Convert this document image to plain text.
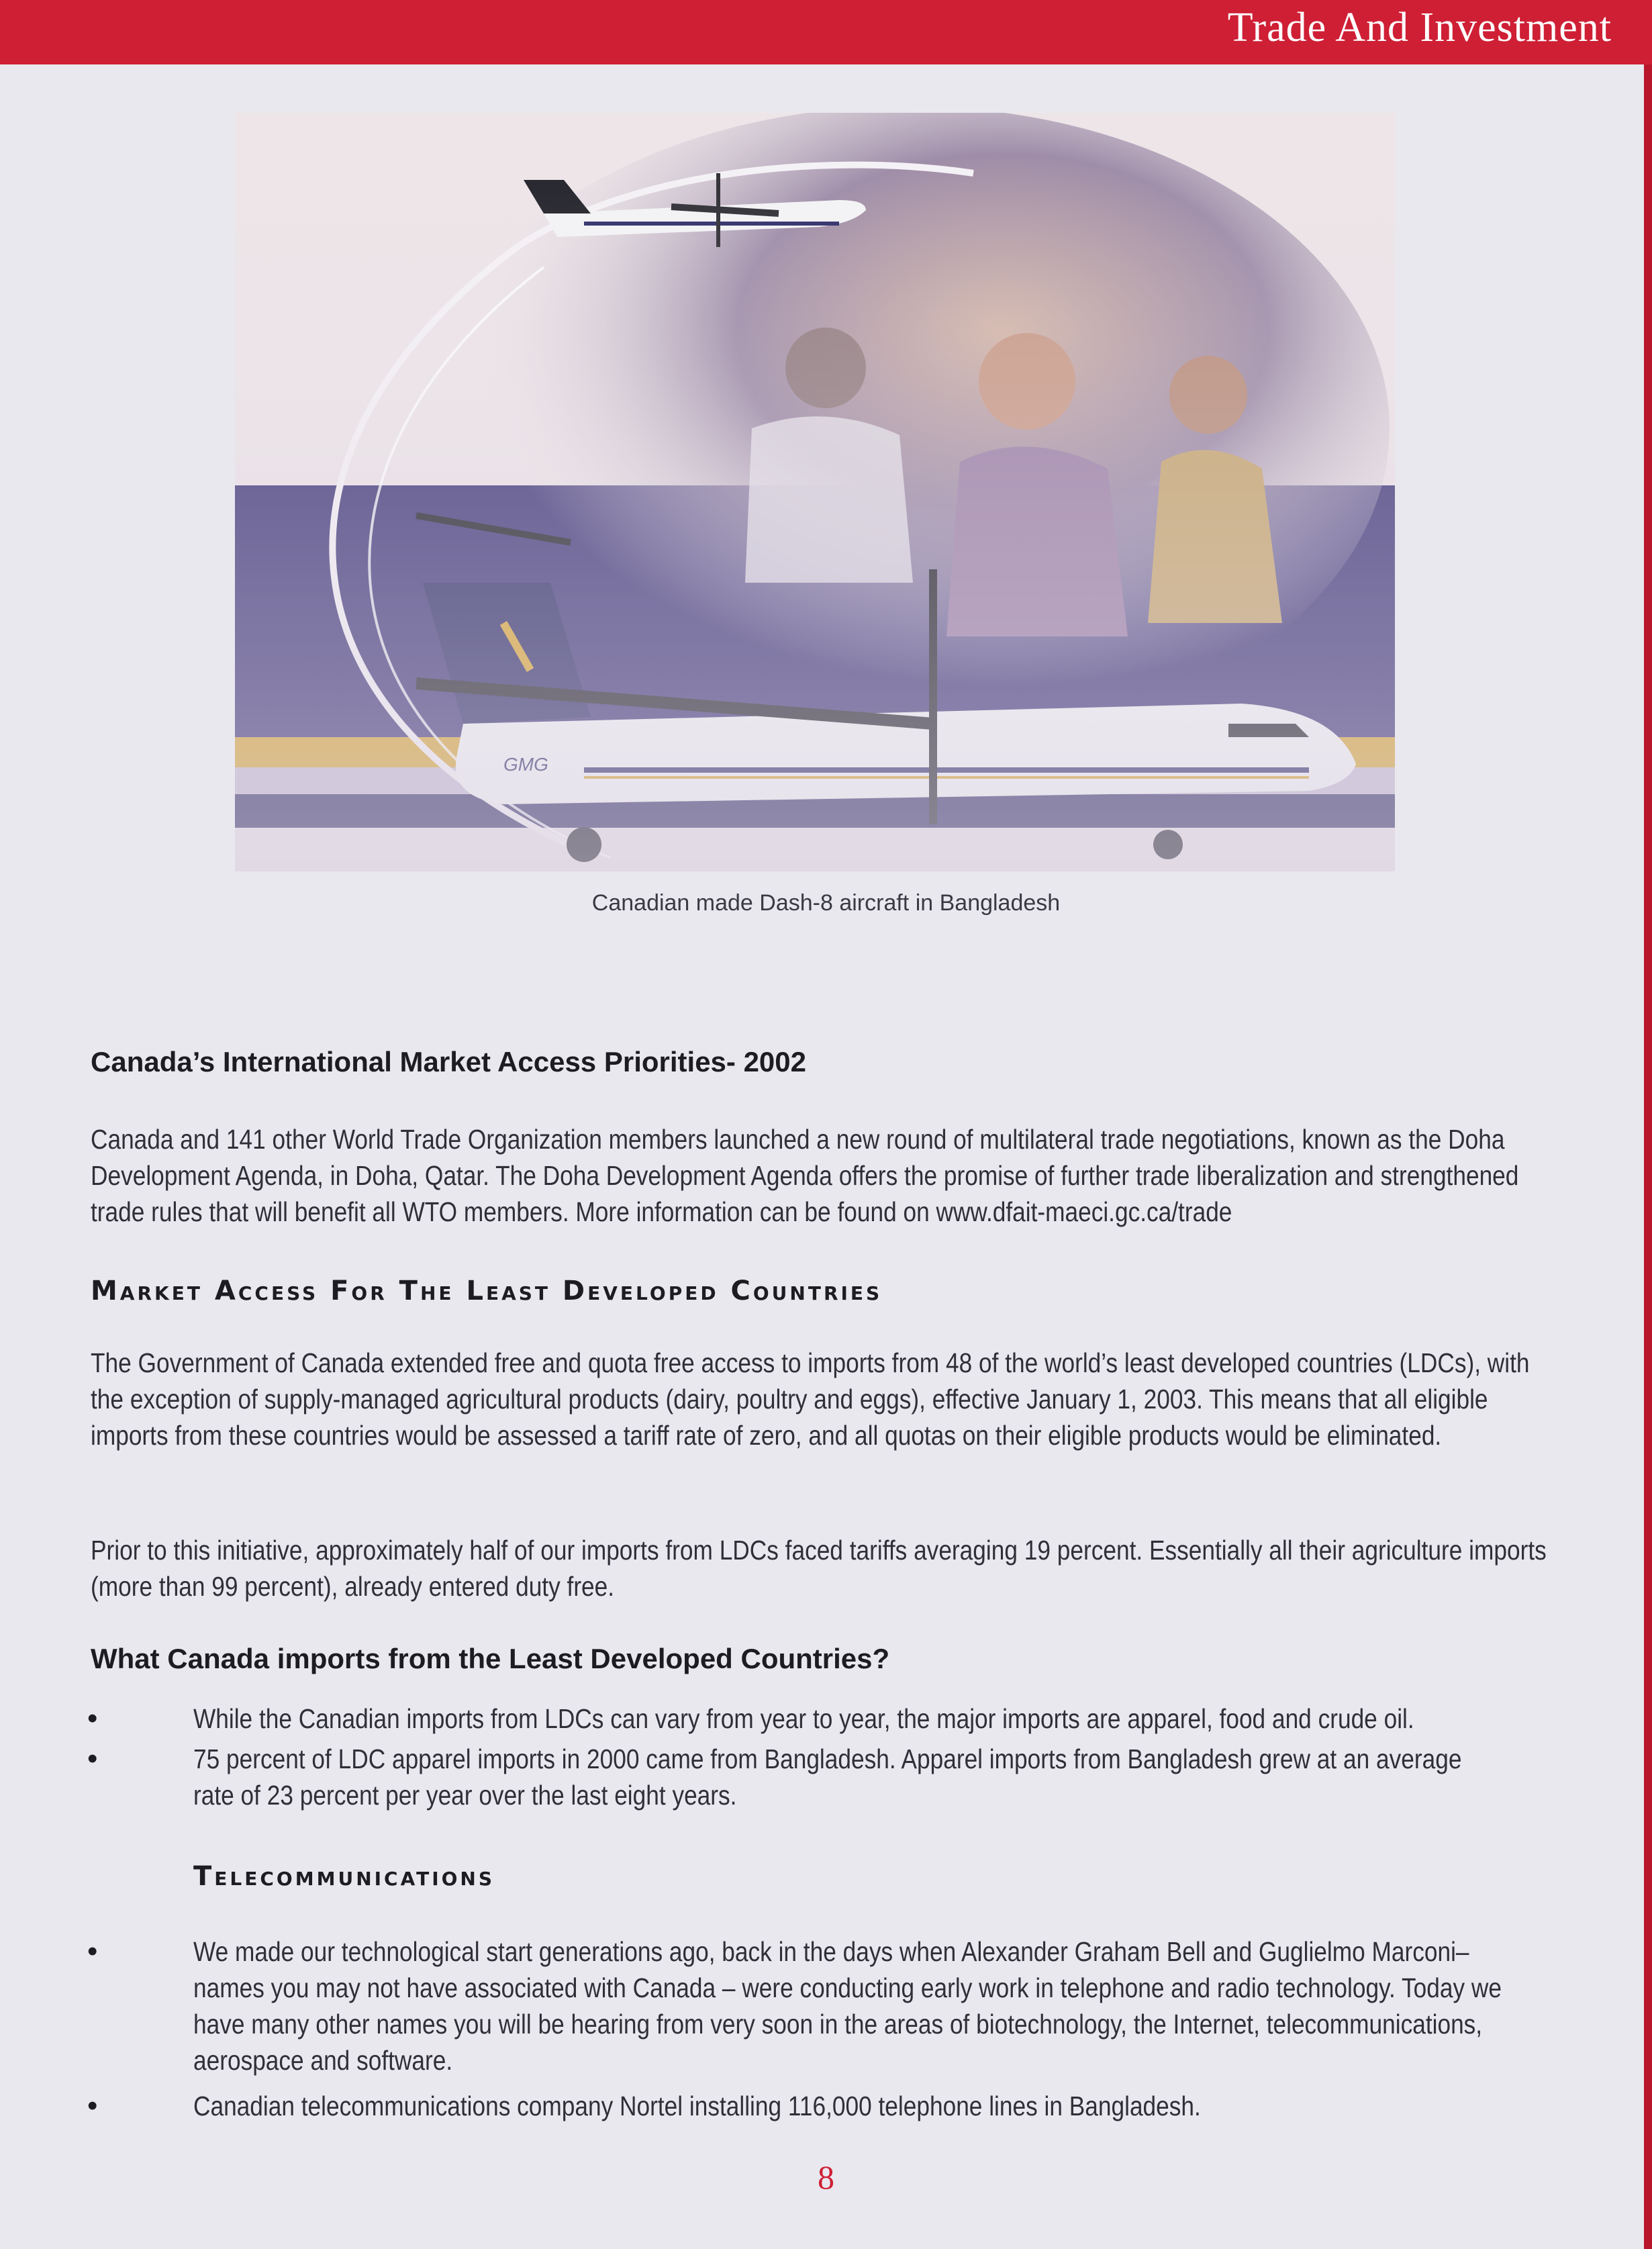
Trade And Investment
Canadian made Dash-8 aircraft in Bangladesh
Canada’s International Market Access Priorities- 2002
Canada and 141 other World Trade Organization members launched a new round of multilateral trade negotiations, known as the Doha Development Agenda, in Doha, Qatar. The Doha Development Agenda offers the promise of further trade liberalization and strengthened trade rules that will benefit all WTO members. More information can be found on www.dfait-maeci.gc.ca/trade
Market Access For The Least Developed Countries
The Government of Canada extended free and quota free access to imports from 48 of the world’s least developed countries (LDCs), with the exception of supply-managed agricultural products (dairy, poultry and eggs), effective January 1, 2003. This means that all eligible imports from these countries would be assessed a tariff rate of zero, and all quotas on their eligible products would be eliminated.
Prior to this initiative, approximately half of our imports from LDCs faced tariffs averaging 19 percent. Essentially all their agriculture imports (more than 99 percent), already entered duty free.
What Canada imports from the Least Developed Countries?
•	While the Canadian imports from LDCs can vary from year to year, the major imports are apparel, food and crude oil.
•	75 percent of LDC apparel imports in 2000 came from Bangladesh. Apparel imports from Bangladesh grew at an average rate of 23 percent per year over the last eight years.
Telecommunications
•	We made our technological start generations ago, back in the days when Alexander Graham Bell and Guglielmo Marconi– names you may not have associated with Canada – were conducting early work in telephone and radio technology. Today we have many other names you will be hearing from very soon in the areas of biotechnology, the Internet, telecommunications, aerospace and software.
•	Canadian telecommunications company Nortel installing 116,000 telephone lines in Bangladesh.
8
